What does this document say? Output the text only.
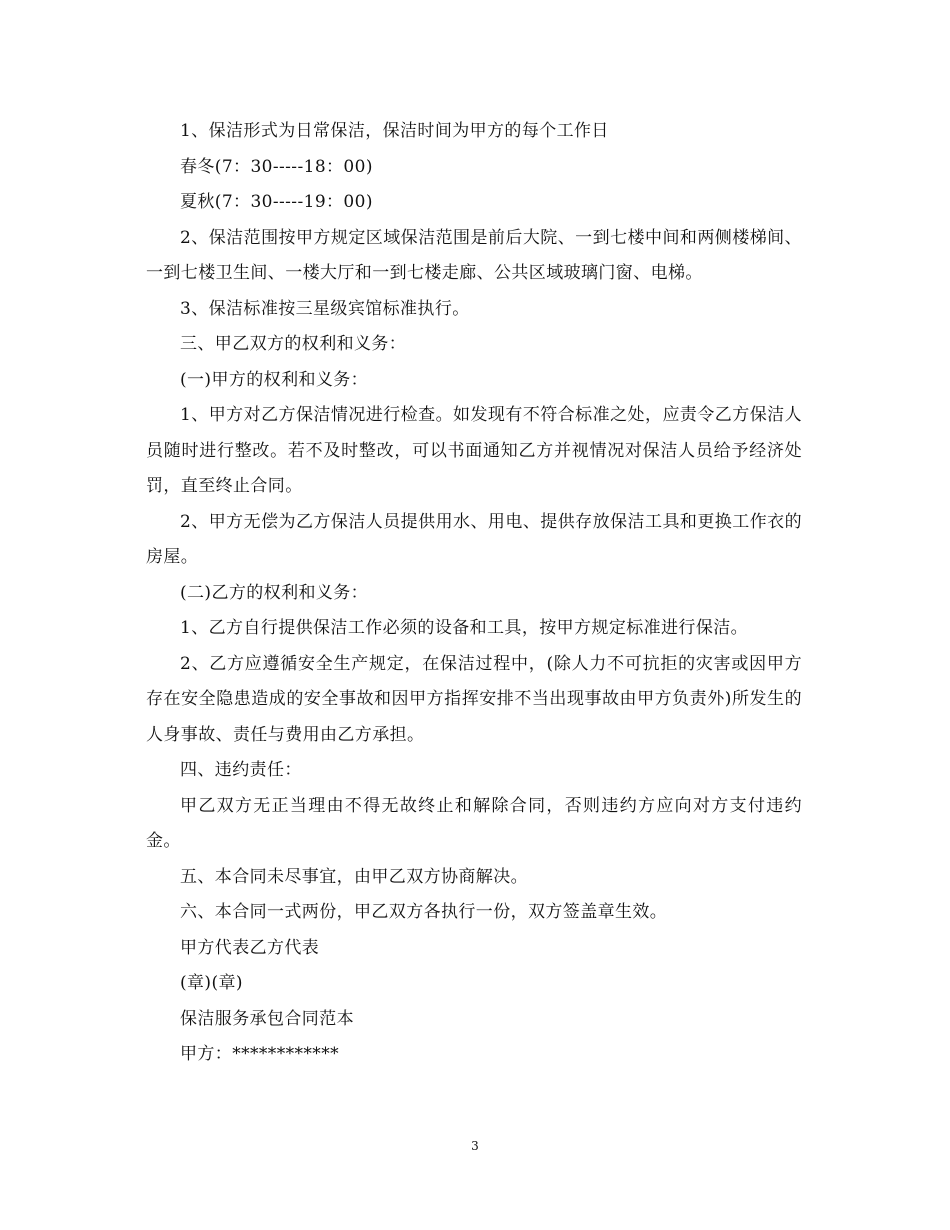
1、保洁形式为日常保洁，保洁时间为甲方的每个工作日

春冬(7：30-----18：00)

夏秋(7：30-----19：00)

2、保洁范围按甲方规定区域保洁范围是前后大院、一到七楼中间和两侧楼梯间、一到七楼卫生间、一楼大厅和一到七楼走廊、公共区域玻璃门窗、电梯。

3、保洁标准按三星级宾馆标准执行。

三、甲乙双方的权利和义务：

(一)甲方的权利和义务：

1、甲方对乙方保洁情况进行检查。如发现有不符合标准之处，应责令乙方保洁人员随时进行整改。若不及时整改，可以书面通知乙方并视情况对保洁人员给予经济处罚，直至终止合同。

2、甲方无偿为乙方保洁人员提供用水、用电、提供存放保洁工具和更换工作衣的房屋。

(二)乙方的权利和义务：

1、乙方自行提供保洁工作必须的设备和工具，按甲方规定标准进行保洁。

2、乙方应遵循安全生产规定，在保洁过程中，(除人力不可抗拒的灾害或因甲方存在安全隐患造成的安全事故和因甲方指挥安排不当出现事故由甲方负责外)所发生的人身事故、责任与费用由乙方承担。

四、违约责任：

甲乙双方无正当理由不得无故终止和解除合同，否则违约方应向对方支付违约金。

五、本合同未尽事宜，由甲乙双方协商解决。

六、本合同一式两份，甲乙双方各执行一份，双方签盖章生效。

甲方代表乙方代表

(章)(章)

保洁服务承包合同范本

甲方：************

3
